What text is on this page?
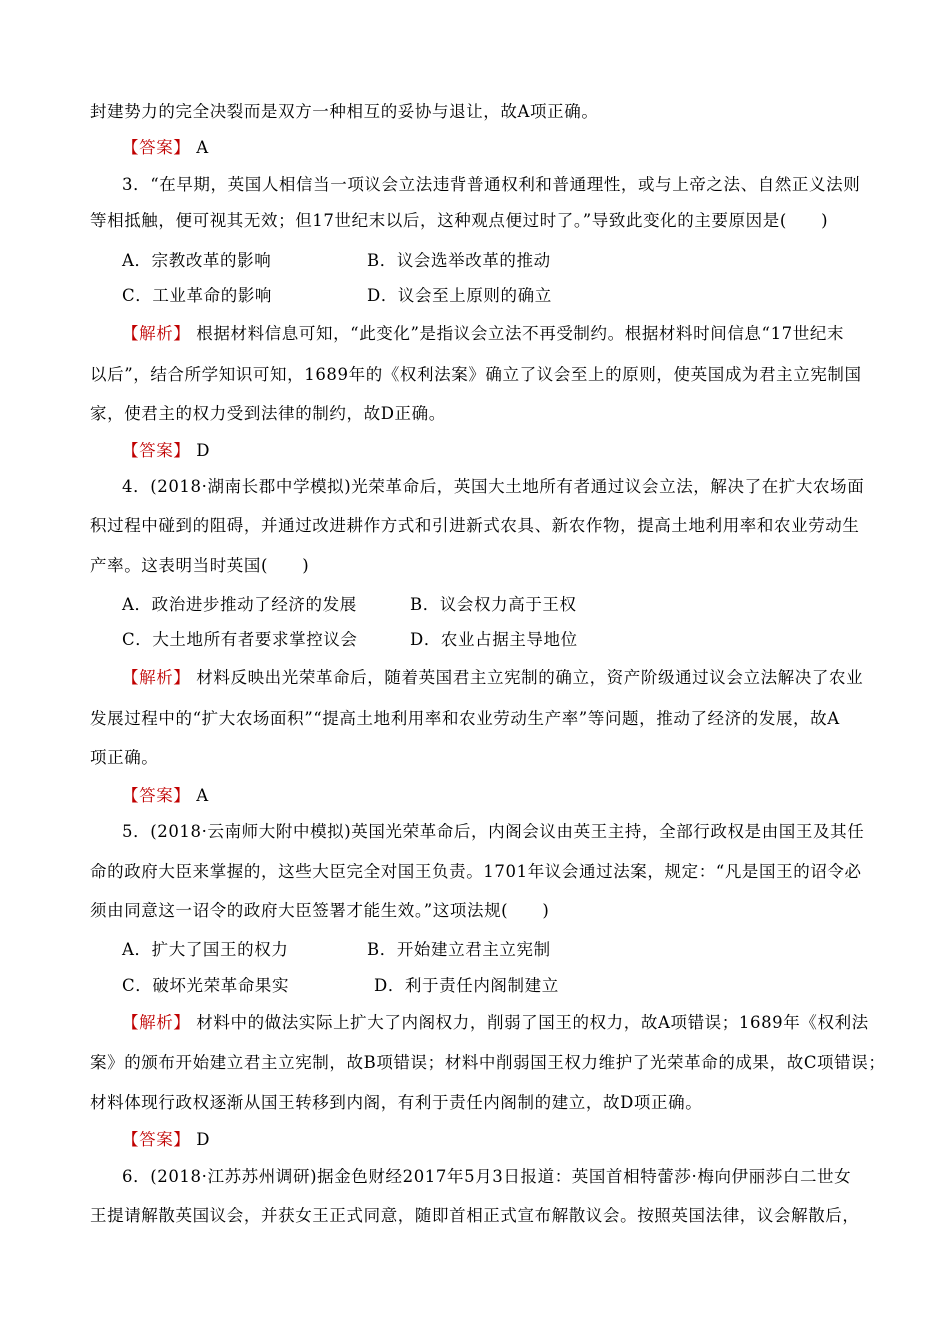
封建势力的完全决裂而是双方一种相互的妥协与退让，故A项正确。
【答案】 A
3．“在早期，英国人相信当一项议会立法违背普通权利和普通理性，或与上帝之法、自然正义法则
等相抵触，便可视其无效；但17世纪末以后，这种观点便过时了。”导致此变化的主要原因是(　　)
A．宗教改革的影响	B．议会选举改革的推动
C．工业革命的影响	D．议会至上原则的确立
【解析】 根据材料信息可知，“此变化”是指议会立法不再受制约。根据材料时间信息“17世纪末
以后”，结合所学知识可知，1689年的《权利法案》确立了议会至上的原则，使英国成为君主立宪制国
家，使君主的权力受到法律的制约，故D正确。
【答案】 D
4．(2018·湖南长郡中学模拟)光荣革命后，英国大土地所有者通过议会立法，解决了在扩大农场面
积过程中碰到的阻碍，并通过改进耕作方式和引进新式农具、新农作物，提高土地利用率和农业劳动生
产率。这表明当时英国(　　)
A．政治进步推动了经济的发展	B．议会权力高于王权
C．大土地所有者要求掌控议会	D．农业占据主导地位
【解析】 材料反映出光荣革命后，随着英国君主立宪制的确立，资产阶级通过议会立法解决了农业
发展过程中的“扩大农场面积”“提高土地利用率和农业劳动生产率”等问题，推动了经济的发展，故A
项正确。
【答案】 A
5．(2018·云南师大附中模拟)英国光荣革命后，内阁会议由英王主持，全部行政权是由国王及其任
命的政府大臣来掌握的，这些大臣完全对国王负责。1701年议会通过法案，规定：“凡是国王的诏令必
须由同意这一诏令的政府大臣签署才能生效。”这项法规(　　)
A．扩大了国王的权力	B．开始建立君主立宪制
C．破坏光荣革命果实	D．利于责任内阁制建立
【解析】 材料中的做法实际上扩大了内阁权力，削弱了国王的权力，故A项错误；1689年《权利法
案》的颁布开始建立君主立宪制，故B项错误；材料中削弱国王权力维护了光荣革命的成果，故C项错误；
材料体现行政权逐渐从国王转移到内阁，有利于责任内阁制的建立，故D项正确。
【答案】 D
6．(2018·江苏苏州调研)据金色财经2017年5月3日报道：英国首相特蕾莎·梅向伊丽莎白二世女
王提请解散英国议会，并获女王正式同意，随即首相正式宣布解散议会。按照英国法律，议会解散后，
